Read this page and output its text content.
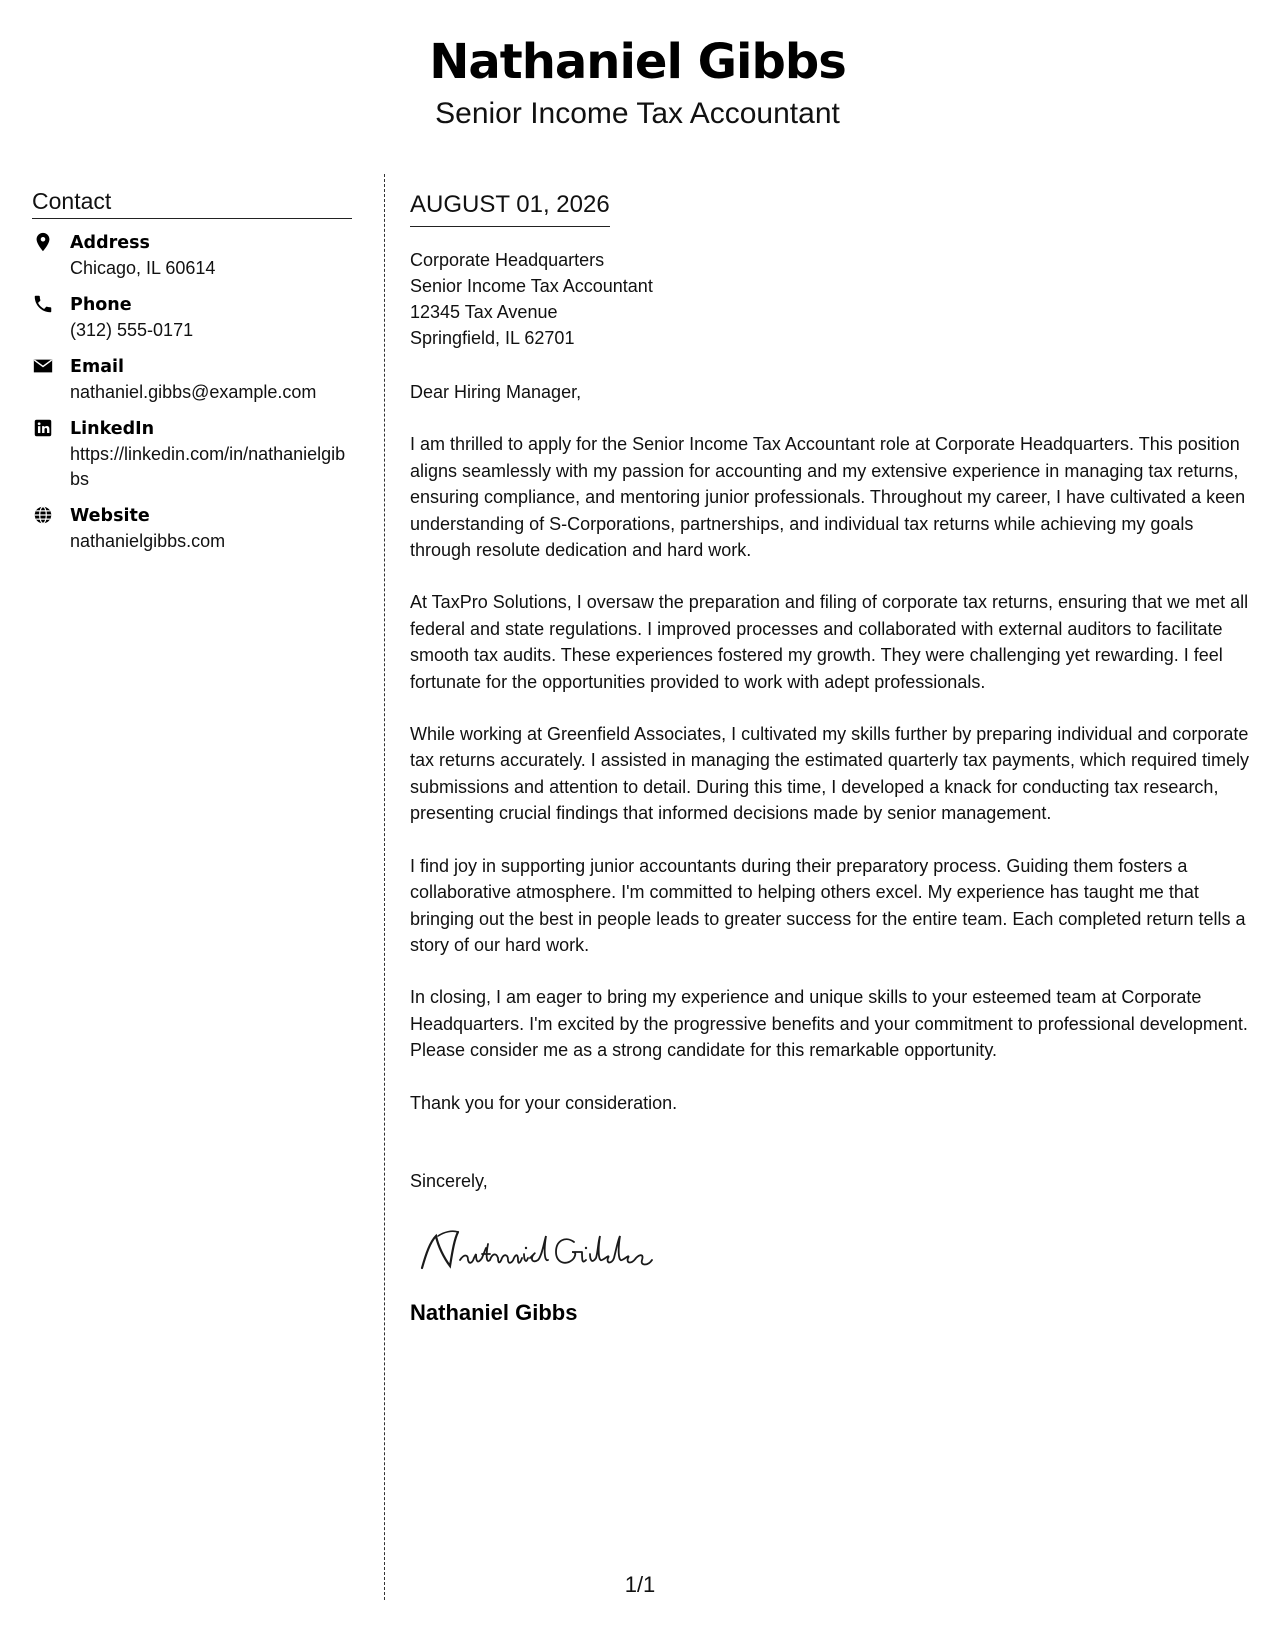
Nathaniel Gibbs
Senior Income Tax Accountant
Contact
Address
Chicago, IL 60614
Phone
(312) 555-0171
Email
nathaniel.gibbs@example.com
LinkedIn
https://linkedin.com/in/nathanielgibbs
Website
nathanielgibbs.com
AUGUST 01, 2026
Corporate Headquarters
Senior Income Tax Accountant
12345 Tax Avenue
Springfield, IL 62701

Dear Hiring Manager,

I am thrilled to apply for the Senior Income Tax Accountant role at Corporate Headquarters. This position aligns seamlessly with my passion for accounting and my extensive experience in managing tax returns, ensuring compliance, and mentoring junior professionals. Throughout my career, I have cultivated a keen understanding of S-Corporations, partnerships, and individual tax returns while achieving my goals through resolute dedication and hard work.

At TaxPro Solutions, I oversaw the preparation and filing of corporate tax returns, ensuring that we met all federal and state regulations. I improved processes and collaborated with external auditors to facilitate smooth tax audits. These experiences fostered my growth. They were challenging yet rewarding. I feel fortunate for the opportunities provided to work with adept professionals.

While working at Greenfield Associates, I cultivated my skills further by preparing individual and corporate tax returns accurately. I assisted in managing the estimated quarterly tax payments, which required timely submissions and attention to detail. During this time, I developed a knack for conducting tax research, presenting crucial findings that informed decisions made by senior management.

I find joy in supporting junior accountants during their preparatory process. Guiding them fosters a collaborative atmosphere. I'm committed to helping others excel. My experience has taught me that bringing out the best in people leads to greater success for the entire team. Each completed return tells a story of our hard work.

In closing, I am eager to bring my experience and unique skills to your esteemed team at Corporate Headquarters. I'm excited by the progressive benefits and your commitment to professional development. Please consider me as a strong candidate for this remarkable opportunity.

Thank you for your consideration.

Sincerely,
Nathaniel Gibbs
1/1
